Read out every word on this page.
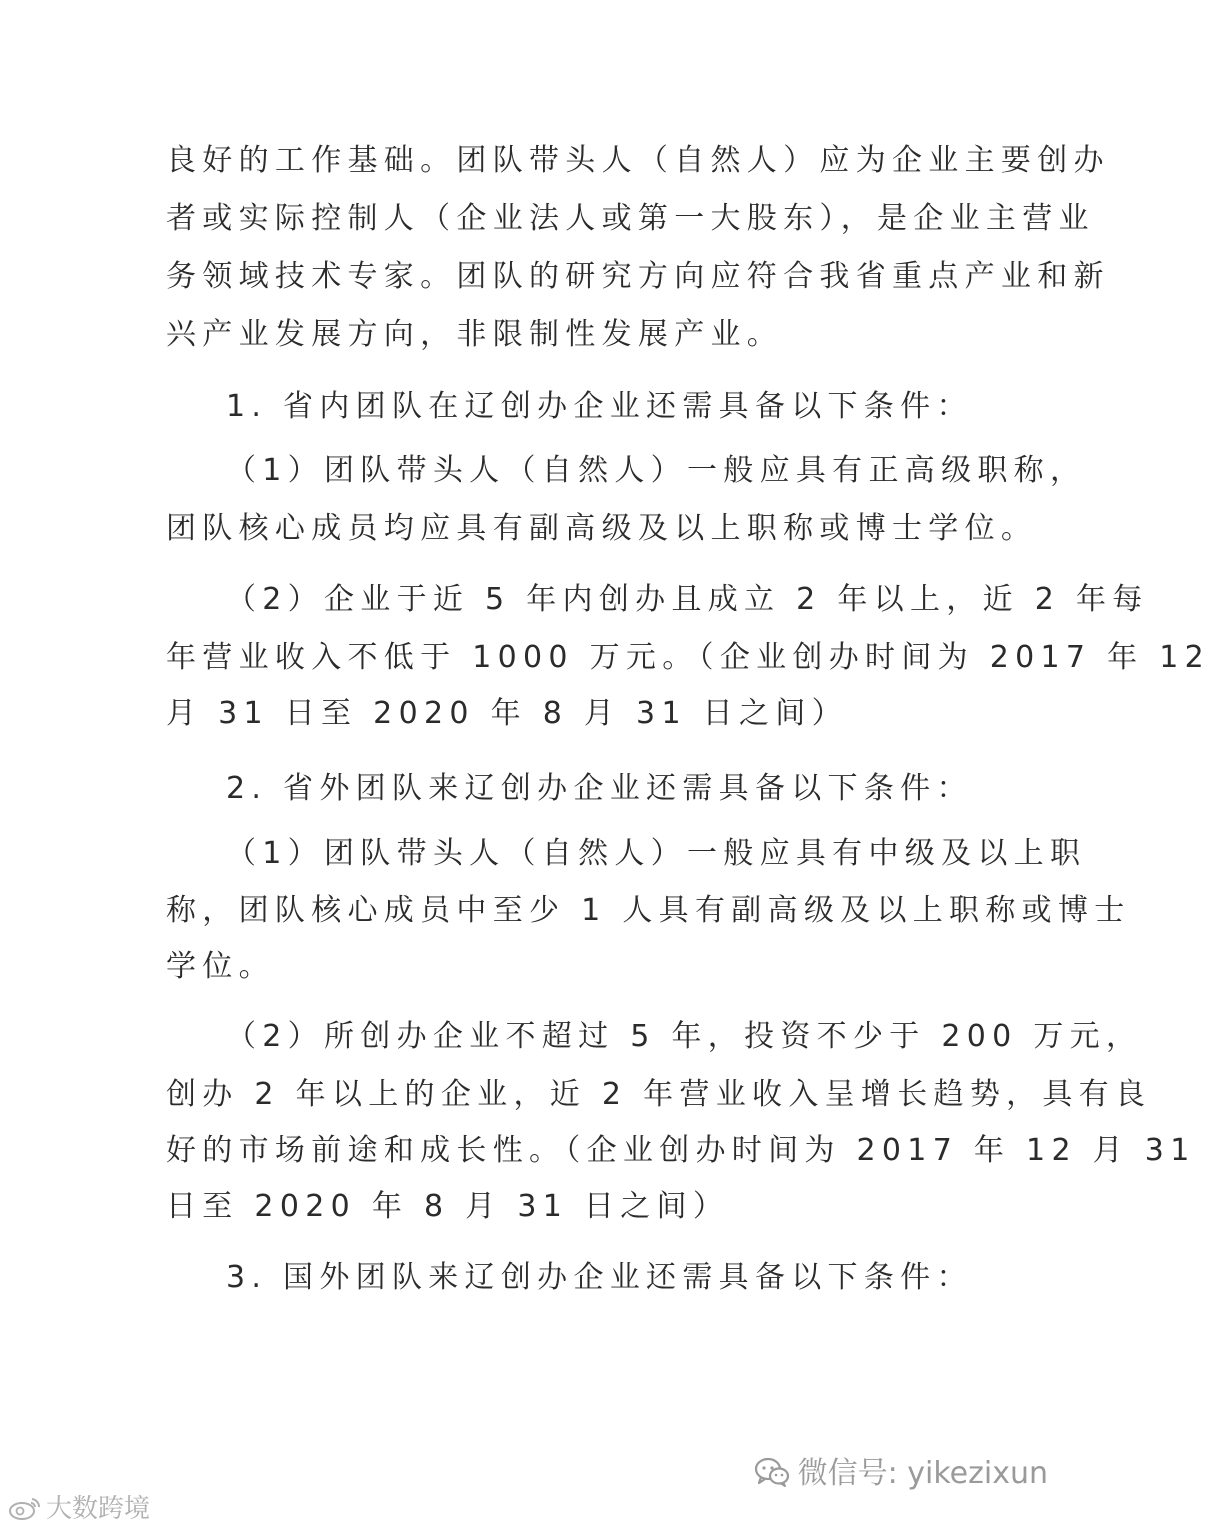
良好的工作基础。团队带头人（自然人）应为企业主要创办
者或实际控制人（企业法人或第一大股东），是企业主营业
务领域技术专家。团队的研究方向应符合我省重点产业和新
兴产业发展方向，非限制性发展产业。
1. 省内团队在辽创办企业还需具备以下条件：
（1）团队带头人（自然人）一般应具有正高级职称，
团队核心成员均应具有副高级及以上职称或博士学位。
（2）企业于近 5 年内创办且成立 2 年以上，近 2 年每
年营业收入不低于 1000 万元。（企业创办时间为 2017 年 12
月 31 日至 2020 年 8 月 31 日之间）
2. 省外团队来辽创办企业还需具备以下条件：
（1）团队带头人（自然人）一般应具有中级及以上职
称，团队核心成员中至少 1 人具有副高级及以上职称或博士
学位。
（2）所创办企业不超过 5 年，投资不少于 200 万元，
创办 2 年以上的企业，近 2 年营业收入呈增长趋势，具有良
好的市场前途和成长性。（企业创办时间为 2017 年 12 月 31
日至 2020 年 8 月 31 日之间）
3. 国外团队来辽创办企业还需具备以下条件：
微信号: yikezixun
大数跨境
